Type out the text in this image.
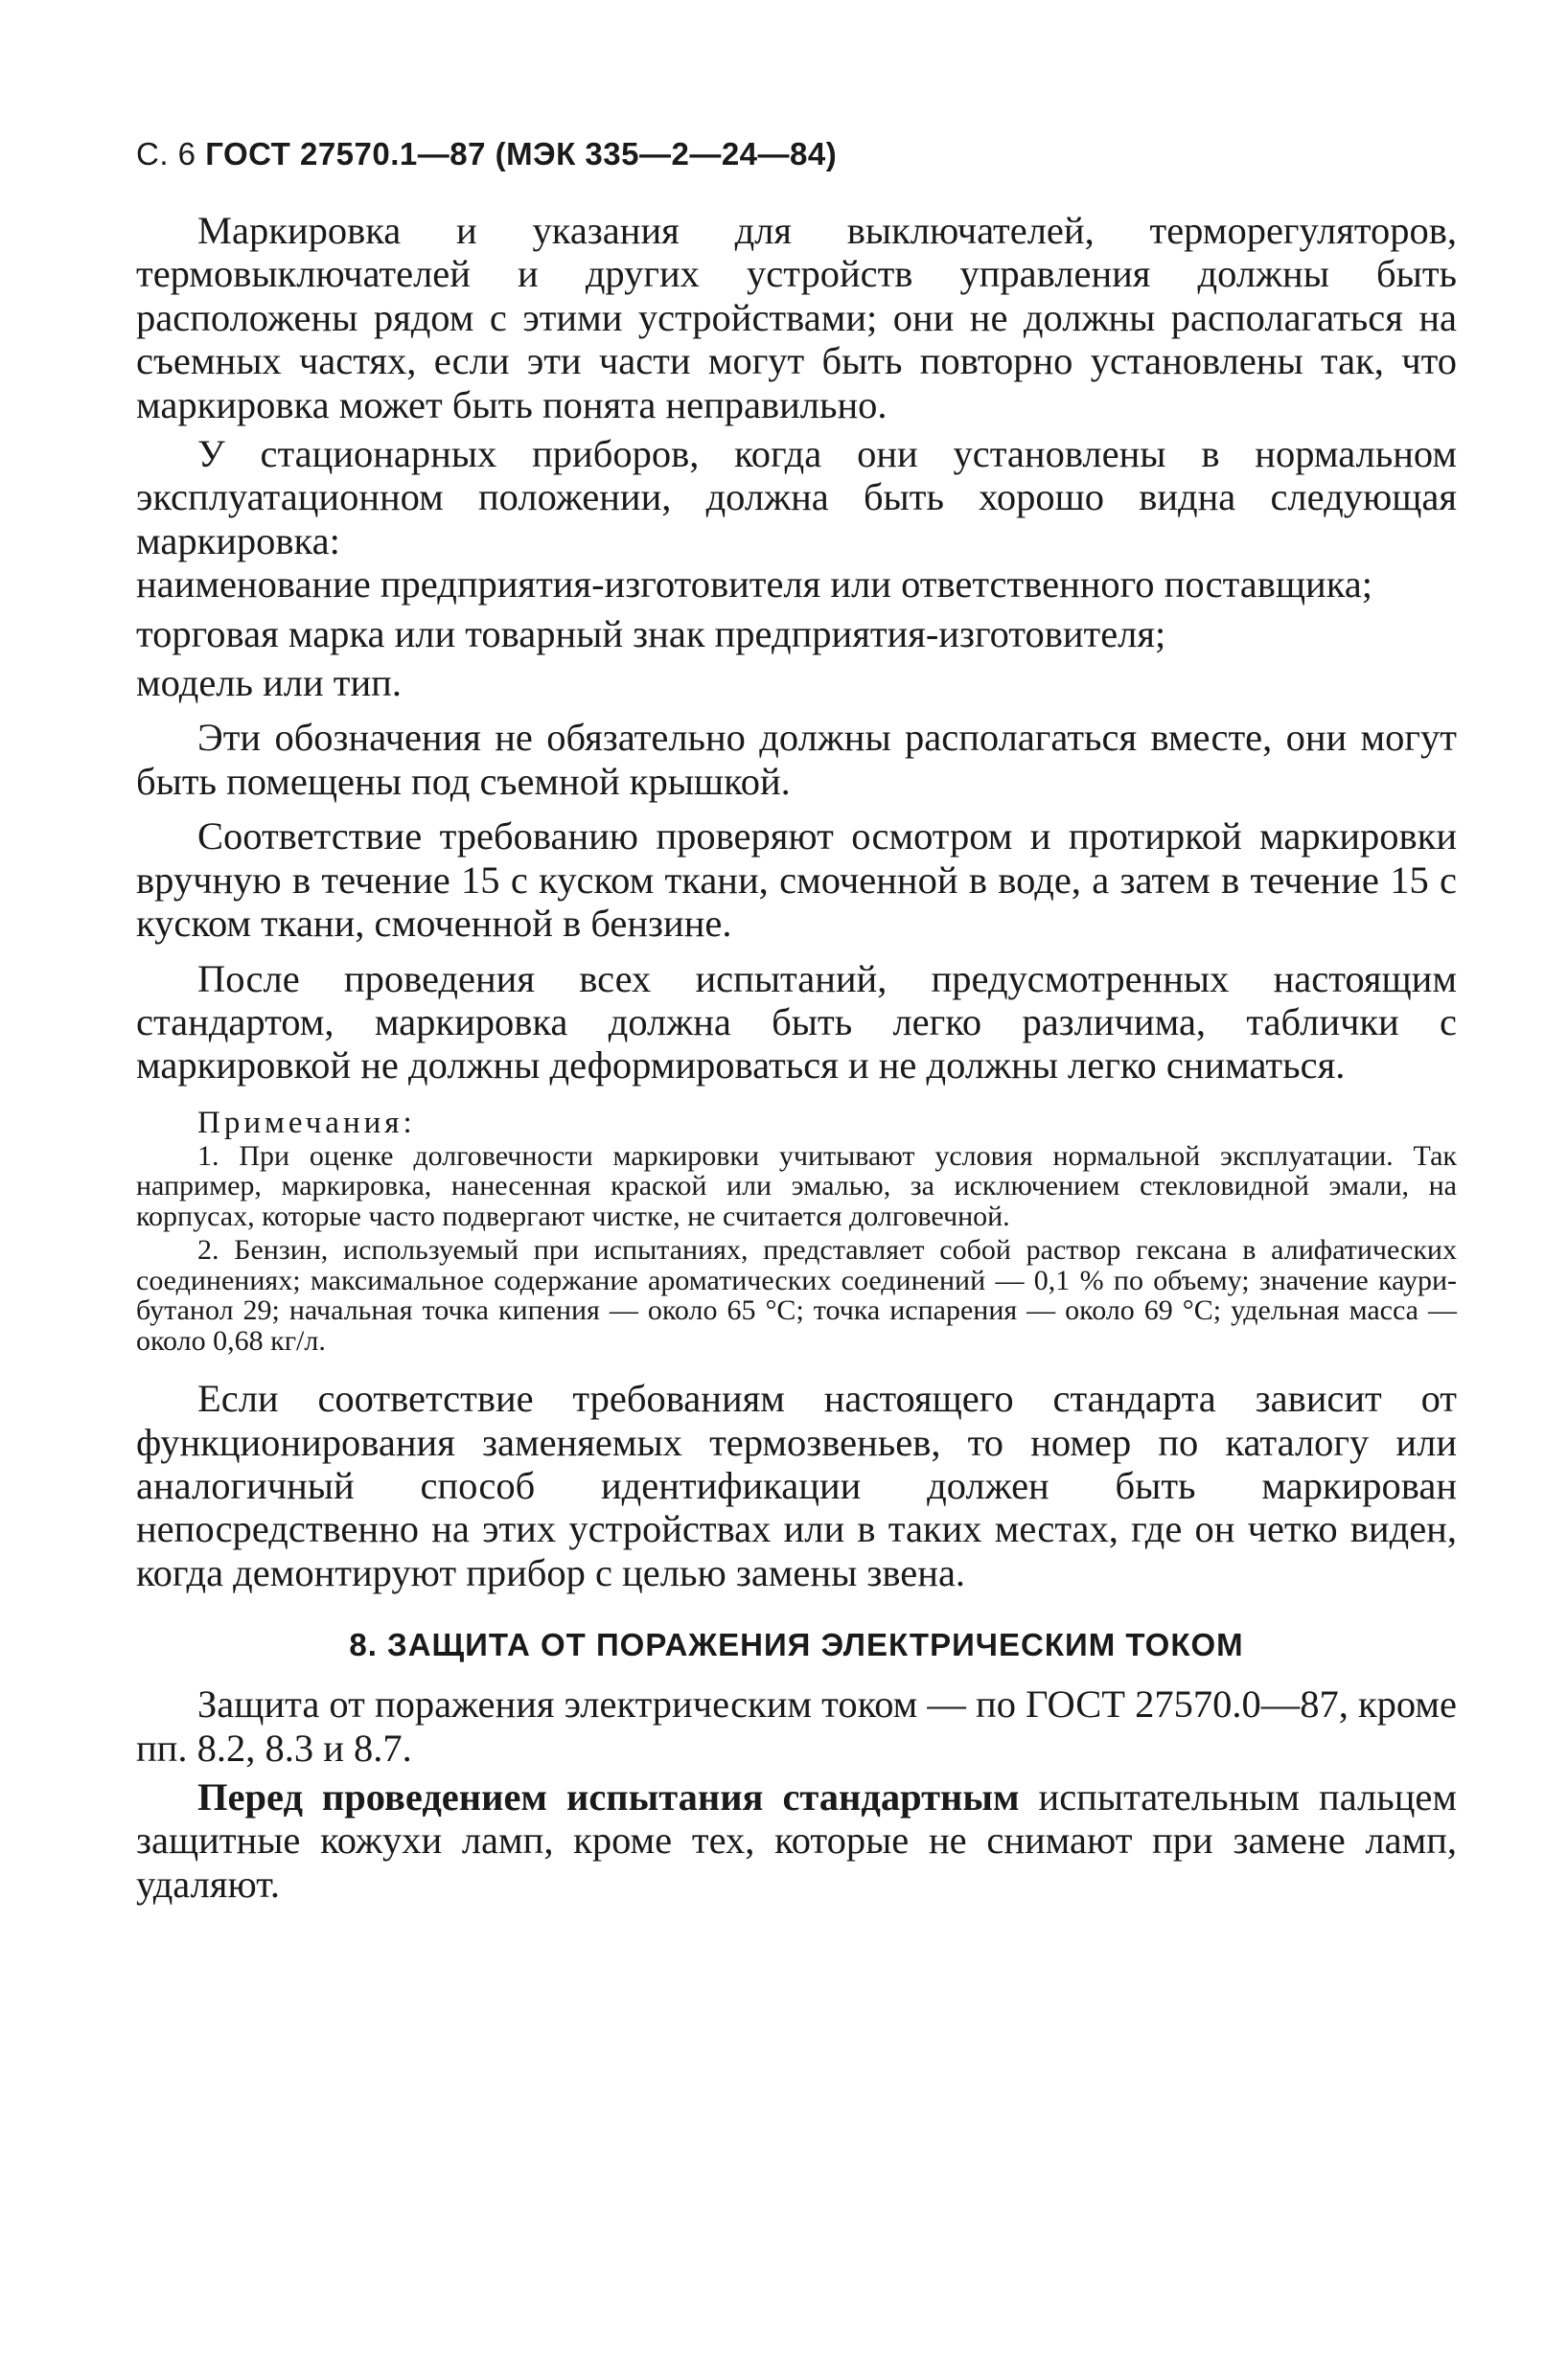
С. 6 ГОСТ 27570.1—87 (МЭК 335—2—24—84)

Маркировка и указания для выключателей, терморегуляторов, термовыключателей и других устройств управления должны быть расположены рядом с этими устройствами; они не должны располагаться на съемных частях, если эти части могут быть повторно установлены так, что маркировка может быть понята неправильно.

У стационарных приборов, когда они установлены в нормальном эксплуатационном положении, должна быть хорошо видна следующая маркировка:

наименование предприятия-изготовителя или ответственного поставщика;

торговая марка или товарный знак предприятия-изготовителя;

модель или тип.

Эти обозначения не обязательно должны располагаться вместе, они могут быть помещены под съемной крышкой.

Соответствие требованию проверяют осмотром и протиркой маркировки вручную в течение 15 с куском ткани, смоченной в воде, а затем в течение 15 с куском ткани, смоченной в бензине.

После проведения всех испытаний, предусмотренных настоящим стандартом, маркировка должна быть легко различима, таблички с маркировкой не должны деформироваться и не должны легко сниматься.

Примечания:

1. При оценке долговечности маркировки учитывают условия нормальной эксплуатации. Так например, маркировка, нанесенная краской или эмалью, за исключением стекловидной эмали, на корпусах, которые часто подвергают чистке, не считается долговечной.

2. Бензин, используемый при испытаниях, представляет собой раствор гексана в алифатических соединениях; максимальное содержание ароматических соединений — 0,1 % по объему; значение каури-бутанол 29; начальная точка кипения — около 65 °С; точка испарения — около 69 °С; удельная масса — около 0,68 кг/л.

Если соответствие требованиям настоящего стандарта зависит от функционирования заменяемых термозвеньев, то номер по каталогу или аналогичный способ идентификации должен быть маркирован непосредственно на этих устройствах или в таких местах, где он четко виден, когда демонтируют прибор с целью замены звена.

8. ЗАЩИТА ОТ ПОРАЖЕНИЯ ЭЛЕКТРИЧЕСКИМ ТОКОМ

Защита от поражения электрическим током — по ГОСТ 27570.0—87, кроме пп. 8.2, 8.3 и 8.7.

Перед проведением испытания стандартным испытательным пальцем защитные кожухи ламп, кроме тех, которые не снимают при замене ламп, удаляют.
